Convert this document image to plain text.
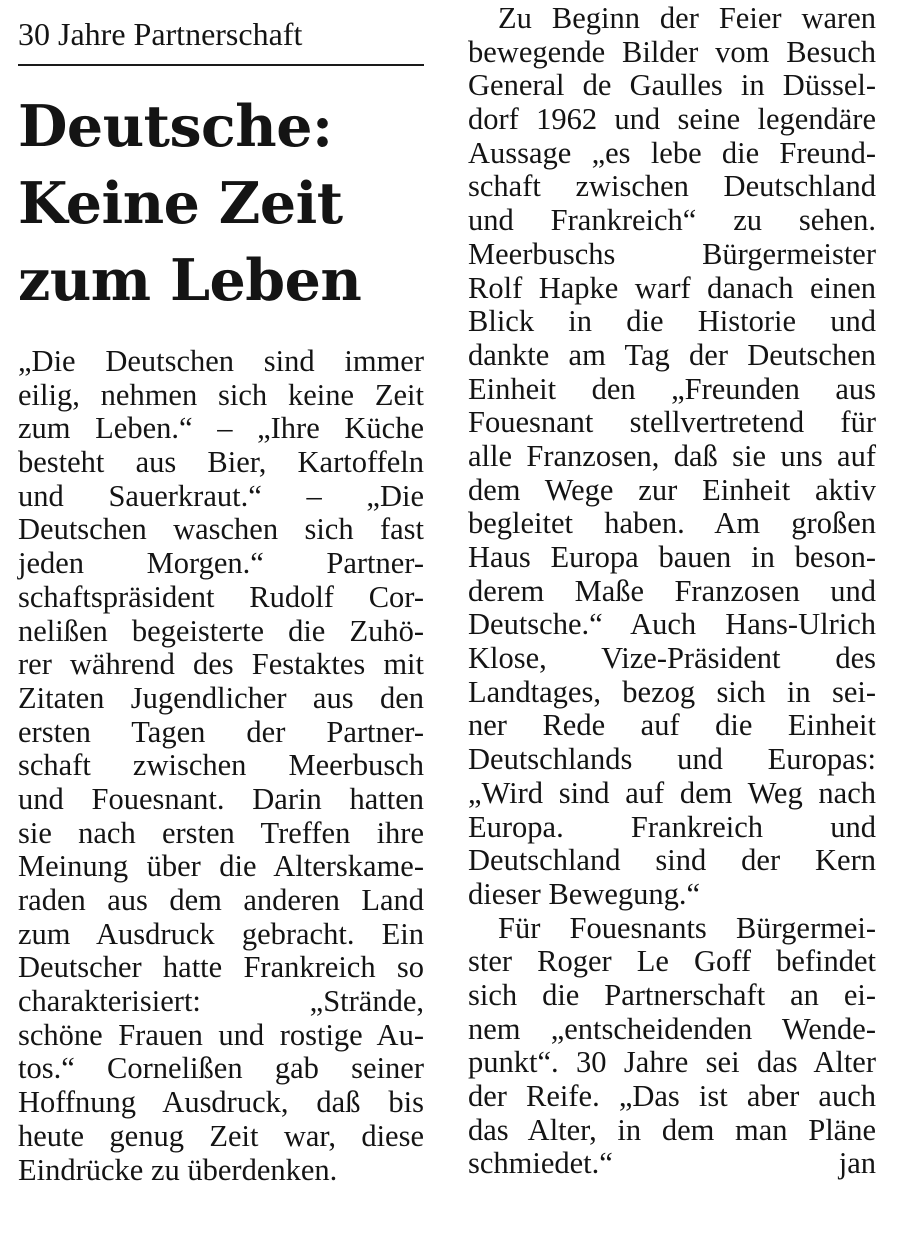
30 Jahre Partnerschaft
Deutsche:
Keine Zeit
zum Leben
„Die Deutschen sind immer
eilig, nehmen sich keine Zeit
zum Leben.“ – „Ihre Küche
besteht aus Bier, Kartoffeln
und Sauerkraut.“ – „Die
Deutschen waschen sich fast
jeden Morgen.“ Partner-
schaftspräsident Rudolf Cor-
nelißen begeisterte die Zuhö-
rer während des Festaktes mit
Zitaten Jugendlicher aus den
ersten Tagen der Partner-
schaft zwischen Meerbusch
und Fouesnant. Darin hatten
sie nach ersten Treffen ihre
Meinung über die Alterskame-
raden aus dem anderen Land
zum Ausdruck gebracht. Ein
Deutscher hatte Frankreich so
charakterisiert: „Strände,
schöne Frauen und rostige Au-
tos.“ Cornelißen gab seiner
Hoffnung Ausdruck, daß bis
heute genug Zeit war, diese
Eindrücke zu überdenken.
Zu Beginn der Feier waren
bewegende Bilder vom Besuch
General de Gaulles in Düssel-
dorf 1962 und seine legendäre
Aussage „es lebe die Freund-
schaft zwischen Deutschland
und Frankreich“ zu sehen.
Meerbuschs Bürgermeister
Rolf Hapke warf danach einen
Blick in die Historie und
dankte am Tag der Deutschen
Einheit den „Freunden aus
Fouesnant stellvertretend für
alle Franzosen, daß sie uns auf
dem Wege zur Einheit aktiv
begleitet haben. Am großen
Haus Europa bauen in beson-
derem Maße Franzosen und
Deutsche.“ Auch Hans-Ulrich
Klose, Vize-Präsident des
Landtages, bezog sich in sei-
ner Rede auf die Einheit
Deutschlands und Europas:
„Wird sind auf dem Weg nach
Europa. Frankreich und
Deutschland sind der Kern
dieser Bewegung.“
Für Fouesnants Bürgermei-
ster Roger Le Goff befindet
sich die Partnerschaft an ei-
nem „entscheidenden Wende-
punkt“. 30 Jahre sei das Alter
der Reife. „Das ist aber auch
das Alter, in dem man Pläne
schmiedet.“	jan
